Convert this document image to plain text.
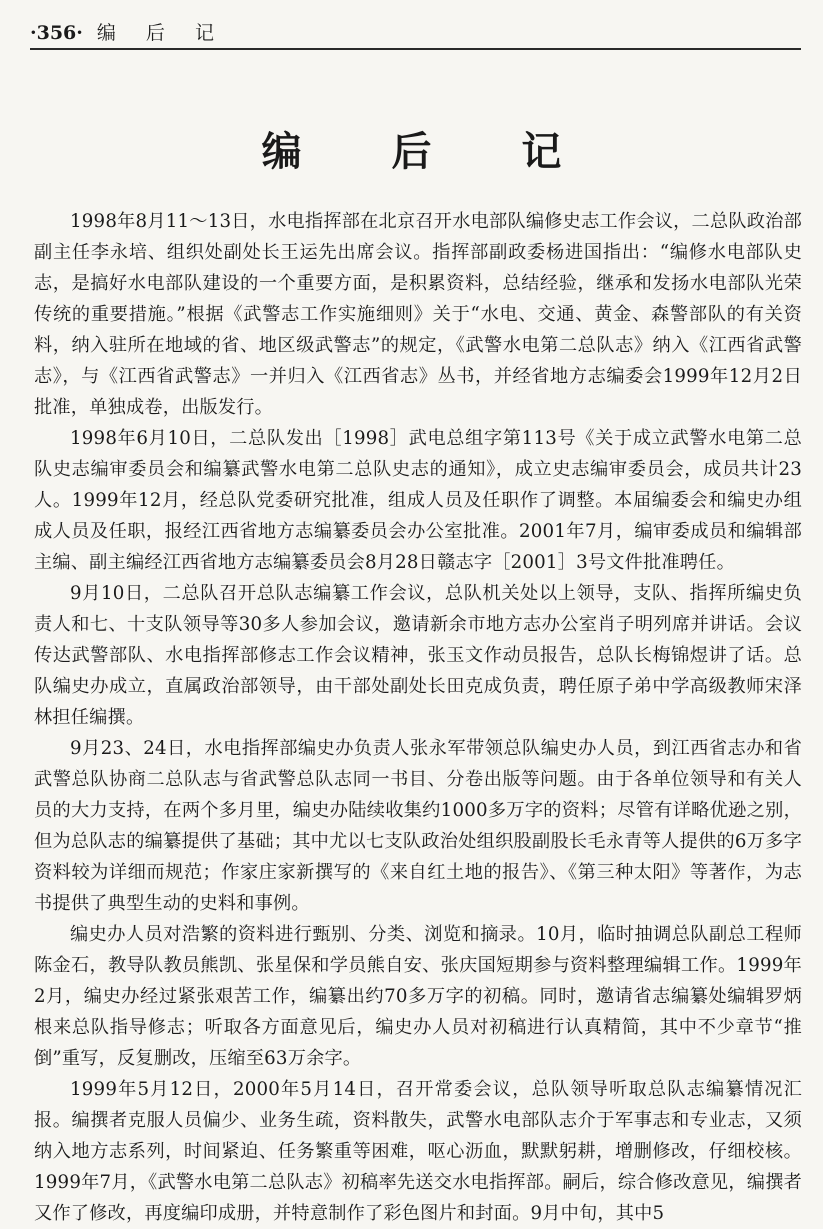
·356· 编 后 记
编 后 记

1998年8月11～13日，水电指挥部在北京召开水电部队编修史志工作会议，二总队政治部副主任李永培、组织处副处长王运先出席会议。指挥部副政委杨进国指出：“编修水电部队史志，是搞好水电部队建设的一个重要方面，是积累资料，总结经验，继承和发扬水电部队光荣传统的重要措施。”根据《武警志工作实施细则》关于“水电、交通、黄金、森警部队的有关资料，纳入驻所在地域的省、地区级武警志”的规定，《武警水电第二总队志》纳入《江西省武警志》，与《江西省武警志》一并归入《江西省志》丛书，并经省地方志编委会1999年12月2日批准，单独成卷，出版发行。

1998年6月10日，二总队发出［1998］武电总组字第113号《关于成立武警水电第二总队史志编审委员会和编纂武警水电第二总队史志的通知》，成立史志编审委员会，成员共计23人。1999年12月，经总队党委研究批准，组成人员及任职作了调整。本届编委会和编史办组成人员及任职，报经江西省地方志编纂委员会办公室批准。2001年7月，编审委成员和编辑部主编、副主编经江西省地方志编纂委员会8月28日赣志字［2001］3号文件批准聘任。

9月10日，二总队召开总队志编纂工作会议，总队机关处以上领导，支队、指挥所编史负责人和七、十支队领导等30多人参加会议，邀请新余市地方志办公室肖子明列席并讲话。会议传达武警部队、水电指挥部修志工作会议精神，张玉文作动员报告，总队长梅锦煜讲了话。总队编史办成立，直属政治部领导，由干部处副处长田克成负责，聘任原子弟中学高级教师宋泽林担任编撰。

9月23、24日，水电指挥部编史办负责人张永军带领总队编史办人员，到江西省志办和省武警总队协商二总队志与省武警总队志同一书目、分卷出版等问题。由于各单位领导和有关人员的大力支持，在两个多月里，编史办陆续收集约1000多万字的资料；尽管有详略优逊之别，但为总队志的编纂提供了基础；其中尤以七支队政治处组织股副股长毛永青等人提供的6万多字资料较为详细而规范；作家庄家新撰写的《来自红土地的报告》、《第三种太阳》等著作，为志书提供了典型生动的史料和事例。

编史办人员对浩繁的资料进行甄别、分类、浏览和摘录。10月，临时抽调总队副总工程师陈金石，教导队教员熊凯、张星保和学员熊自安、张庆国短期参与资料整理编辑工作。1999年2月，编史办经过紧张艰苦工作，编纂出约70多万字的初稿。同时，邀请省志编纂处编辑罗炳根来总队指导修志；听取各方面意见后，编史办人员对初稿进行认真精简，其中不少章节“推倒”重写，反复删改，压缩至63万余字。

1999年5月12日，2000年5月14日，召开常委会议，总队领导听取总队志编纂情况汇报。编撰者克服人员偏少、业务生疏，资料散失，武警水电部队志介于军事志和专业志，又须纳入地方志系列，时间紧迫、任务繁重等困难，呕心沥血，默默躬耕，增删修改，仔细校核。1999年7月，《武警水电第二总队志》初稿率先送交水电指挥部。嗣后，综合修改意见，编撰者又作了修改，再度编印成册，并特意制作了彩色图片和封面。9月中旬，其中5
